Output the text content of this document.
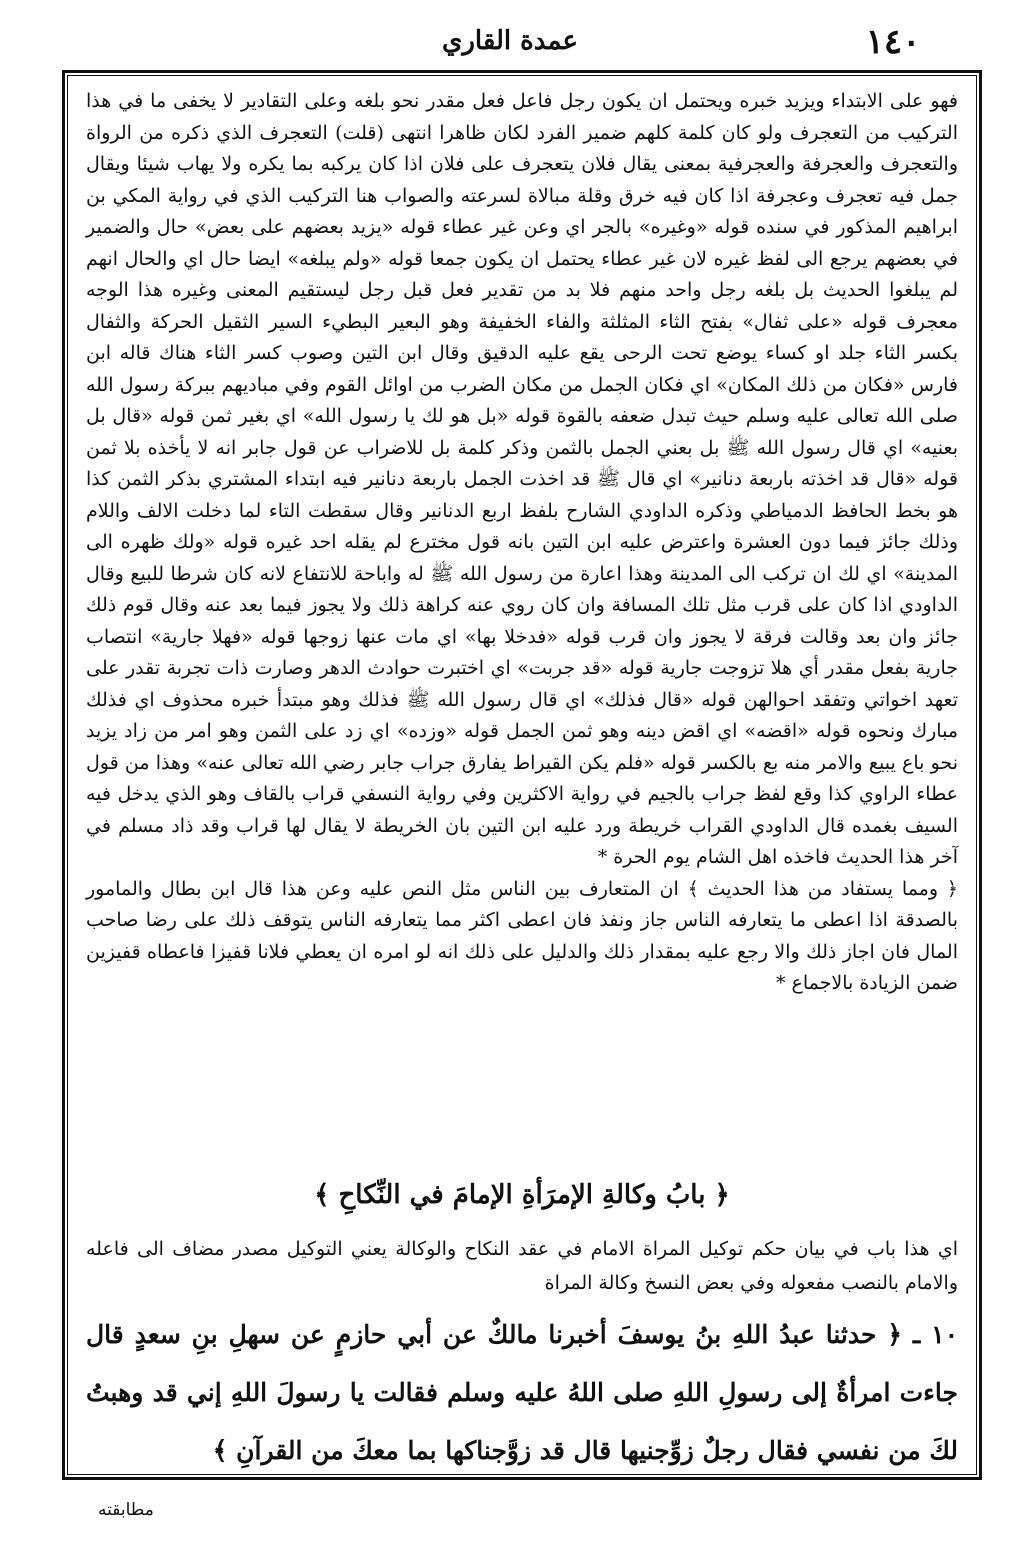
١٤٠
عمدة القاري

فهو على الابتداء ويزيد خبره ويحتمل ان يكون رجل فاعل فعل مقدر نحو بلغه وعلى التقادير لا يخفى ما في هذا التركيب من التعجرف ولو كان كلمة كلهم ضمير الفرد لكان ظاهرا انتهى (قلت) التعجرف الذي ذكره من الرواة والتعجرف والعجرفة والعجرفية بمعنى يقال فلان يتعجرف على فلان اذا كان يركبه بما يكره ولا يهاب شيئا ويقال جمل فيه تعجرف وعجرفة اذا كان فيه خرق وقلة مبالاة لسرعته والصواب هنا التركيب الذي في رواية المكي بن ابراهيم المذكور في سنده قوله «وغيره» بالجر اي وعن غير عطاء قوله «يزيد بعضهم على بعض» حال والضمير في بعضهم يرجع الى لفظ غيره لان غير عطاء يحتمل ان يكون جمعا قوله «ولم يبلغه» ايضا حال اي والحال انهم لم يبلغوا الحديث بل بلغه رجل واحد منهم فلا بد من تقدير فعل قبل رجل ليستقيم المعنى وغيره هذا الوجه معجرف قوله «على ثفال» بفتح الثاء المثلثة والفاء الخفيفة وهو البعير البطيء السير الثقيل الحركة والثفال بكسر الثاء جلد او كساء يوضع تحت الرحى يقع عليه الدقيق وقال ابن التين وصوب كسر الثاء هناك قاله ابن فارس «فكان من ذلك المكان» اي فكان الجمل من مكان الضرب من اوائل القوم وفي مباديهم ببركة رسول الله صلى الله تعالى عليه وسلم حيث تبدل ضعفه بالقوة قوله «بل هو لك يا رسول الله» اي بغير ثمن قوله «قال بل بعنيه» اي قال رسول الله ﷺ بل بعني الجمل بالثمن وذكر كلمة بل للاضراب عن قول جابر انه لا يأخذه بلا ثمن قوله «قال قد اخذته باربعة دنانير» اي قال ﷺ قد اخذت الجمل باربعة دنانير فيه ابتداء المشتري بذكر الثمن كذا هو بخط الحافظ الدمياطي وذكره الداودي الشارح بلفظ اربع الدنانير وقال سقطت التاء لما دخلت الالف واللام وذلك جائز فيما دون العشرة واعترض عليه ابن التين بانه قول مخترع لم يقله احد غيره قوله «ولك ظهره الى المدينة» اي لك ان تركب الى المدينة وهذا اعارة من رسول الله ﷺ له واباحة للانتفاع لانه كان شرطا للبيع وقال الداودي اذا كان على قرب مثل تلك المسافة وان كان روي عنه كراهة ذلك ولا يجوز فيما بعد عنه وقال قوم ذلك جائز وان بعد وقالت فرقة لا يجوز وان قرب قوله «فدخلا بها» اي مات عنها زوجها قوله «فهلا جارية» انتصاب جارية بفعل مقدر أي هلا تزوجت جارية قوله «قد جربت» اي اختبرت حوادث الدهر وصارت ذات تجربة تقدر على تعهد اخواتي وتفقد احوالهن قوله «قال فذلك» اي قال رسول الله ﷺ فذلك وهو مبتدأ خبره محذوف اي فذلك مبارك ونحوه قوله «اقضه» اي اقض دينه وهو ثمن الجمل قوله «وزده» اي زد على الثمن وهو امر من زاد يزيد نحو باع يبيع والامر منه بع بالكسر قوله «فلم يكن القيراط يفارق جراب جابر رضي الله تعالى عنه» وهذا من قول عطاء الراوي كذا وقع لفظ جراب بالجيم في رواية الاكثرين وفي رواية النسفي قراب بالقاف وهو الذي يدخل فيه السيف بغمده قال الداودي القراب خريطة ورد عليه ابن التين بان الخريطة لا يقال لها قراب وقد ذاد مسلم في آخر هذا الحديث فاخذه اهل الشام يوم الحرة *

﴿ ومما يستفاد من هذا الحديث ﴾ ان المتعارف بين الناس مثل النص عليه وعن هذا قال ابن بطال والمامور بالصدقة اذا اعطى ما يتعارفه الناس جاز ونفذ فان اعطى اكثر مما يتعارفه الناس يتوقف ذلك على رضا صاحب المال فان اجاز ذلك والا رجع عليه بمقدار ذلك والدليل على ذلك انه لو امره ان يعطي فلانا قفيزا فاعطاه قفيزين ضمن الزيادة بالاجماع *

﴿ بابُ وكالةِ الإمرَأةِ الإمامَ في النِّكاحِ ﴾
اي هذا باب في بيان حكم توكيل المراة الامام في عقد النكاح والوكالة يعني التوكيل مصدر مضاف الى فاعله والامام بالنصب مفعوله وفي بعض النسخ وكالة المراة
١٠ ـ ﴿ حدثنا عبدُ اللهِ بنُ يوسفَ أخبرنا مالكٌ عن أبي حازمٍ عن سهلِ بنِ سعدٍ قال جاءت امرأةٌ إلى رسولِ اللهِ صلى اللهُ عليه وسلم فقالت يا رسولَ اللهِ إني قد وهبتُ لكَ من نفسي فقال رجلٌ زوِّجنيها قال قد زوَّجناكها بما معكَ من القرآنِ ﴾
مطابقته
